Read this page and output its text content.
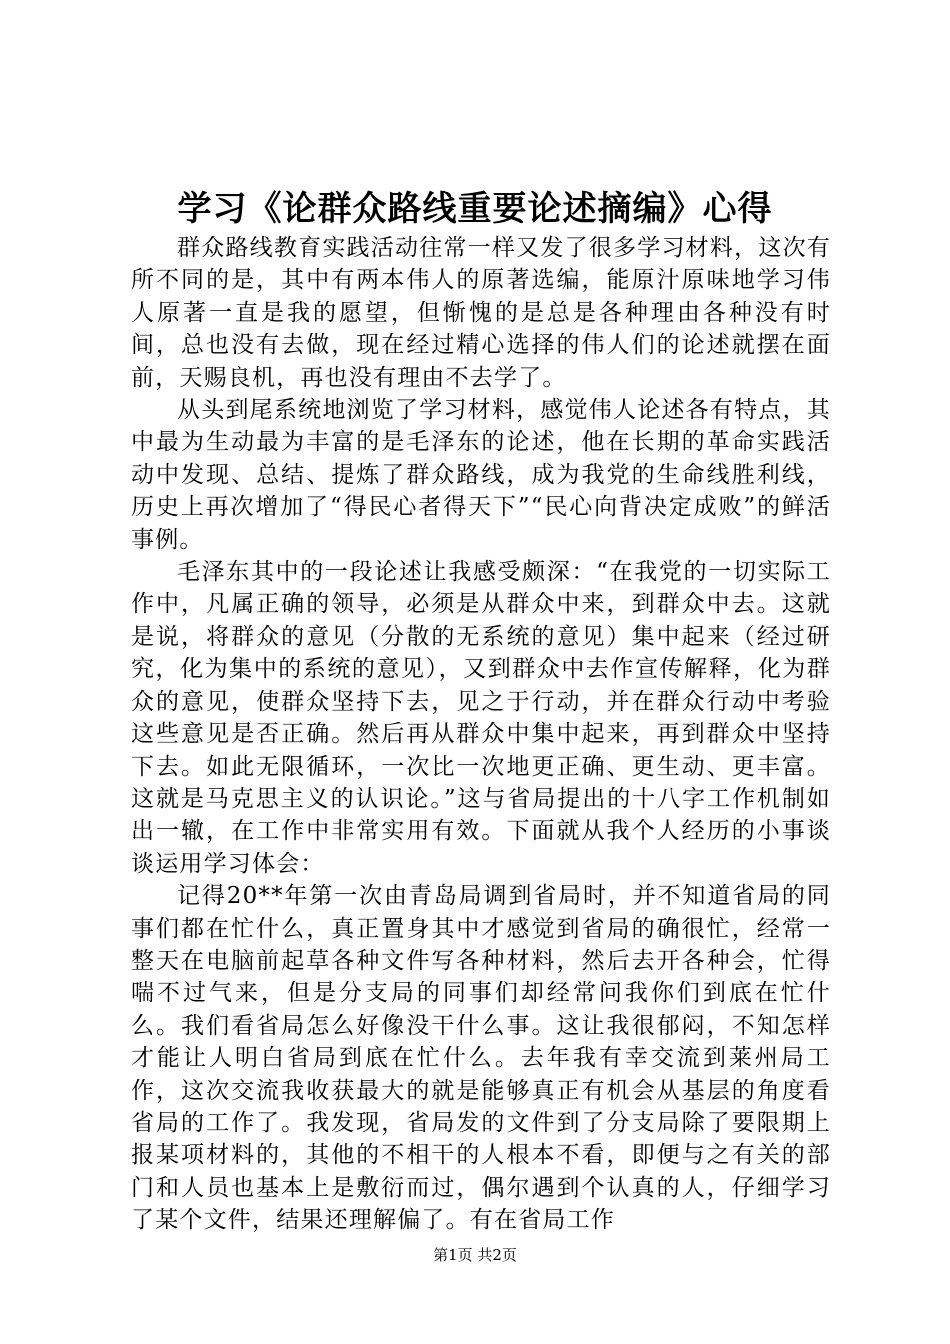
学习《论群众路线重要论述摘编》心得

群众路线教育实践活动往常一样又发了很多学习材料，这次有所不同的是，其中有两本伟人的原著选编，能原汁原味地学习伟人原著一直是我的愿望，但惭愧的是总是各种理由各种没有时间，总也没有去做，现在经过精心选择的伟人们的论述就摆在面前，天赐良机，再也没有理由不去学了。

从头到尾系统地浏览了学习材料，感觉伟人论述各有特点，其中最为生动最为丰富的是毛泽东的论述，他在长期的革命实践活动中发现、总结、提炼了群众路线，成为我党的生命线胜利线，历史上再次增加了“得民心者得天下”“民心向背决定成败”的鲜活事例。

毛泽东其中的一段论述让我感受颇深：“在我党的一切实际工作中，凡属正确的领导，必须是从群众中来，到群众中去。这就是说，将群众的意见（分散的无系统的意见）集中起来（经过研究，化为集中的系统的意见），又到群众中去作宣传解释，化为群众的意见，使群众坚持下去，见之于行动，并在群众行动中考验这些意见是否正确。然后再从群众中集中起来，再到群众中坚持下去。如此无限循环，一次比一次地更正确、更生动、更丰富。这就是马克思主义的认识论。”这与省局提出的十八字工作机制如出一辙，在工作中非常实用有效。下面就从我个人经历的小事谈谈运用学习体会：

记得20**年第一次由青岛局调到省局时，并不知道省局的同事们都在忙什么，真正置身其中才感觉到省局的确很忙，经常一整天在电脑前起草各种文件写各种材料，然后去开各种会，忙得喘不过气来，但是分支局的同事们却经常问我你们到底在忙什么。我们看省局怎么好像没干什么事。这让我很郁闷，不知怎样才能让人明白省局到底在忙什么。去年我有幸交流到莱州局工作，这次交流我收获最大的就是能够真正有机会从基层的角度看省局的工作了。我发现，省局发的文件到了分支局除了要限期上报某项材料的，其他的不相干的人根本不看，即便与之有关的部门和人员也基本上是敷衍而过，偶尔遇到个认真的人，仔细学习了某个文件，结果还理解偏了。有在省局工作

第1页 共2页
